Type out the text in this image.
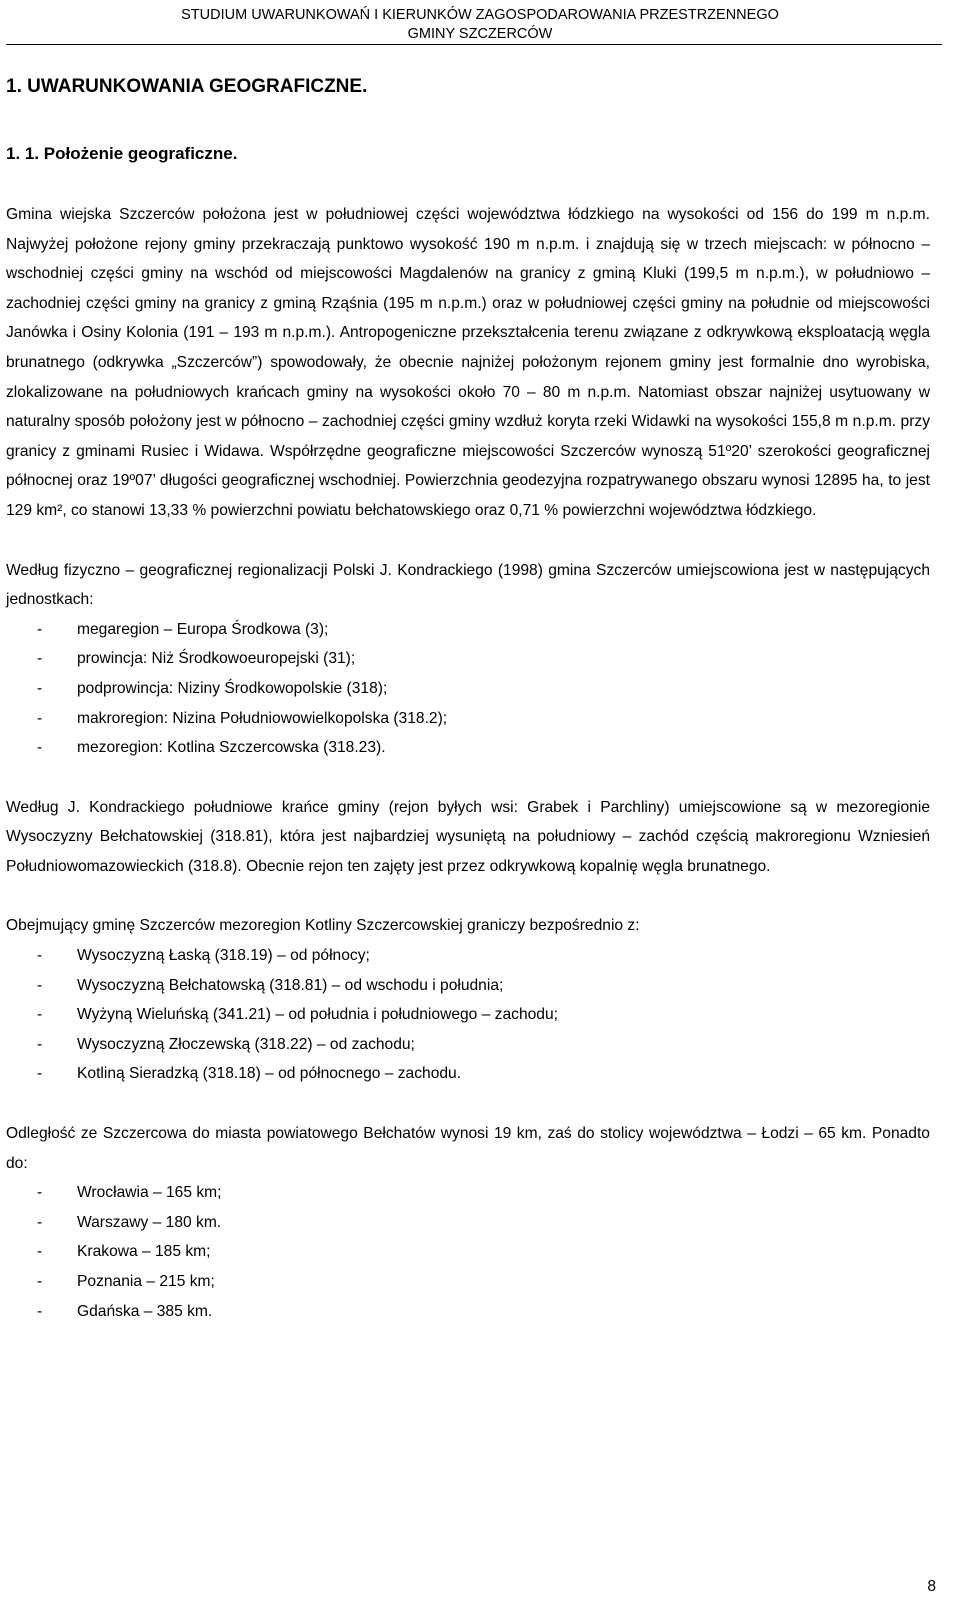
STUDIUM UWARUNKOWAŃ I KIERUNKÓW ZAGOSPODAROWANIA PRZESTRZENNEGO
GMINY SZCZERCÓW
1. UWARUNKOWANIA GEOGRAFICZNE.
1. 1. Położenie geograficzne.

Gmina wiejska Szczerców położona jest w południowej części województwa łódzkiego na wysokości od 156 do 199 m n.p.m. Najwyżej położone rejony gminy przekraczają punktowo wysokość 190 m n.p.m. i znajdują się w trzech miejscach: w północno – wschodniej części gminy na wschód od miejscowości Magdalenów na granicy z gminą Kluki (199,5 m n.p.m.), w południowo – zachodniej części gminy na granicy z gminą Rząśnia (195 m n.p.m.) oraz w południowej części gminy na południe od miejscowości Janówka i Osiny Kolonia (191 – 193 m n.p.m.). Antropogeniczne przekształcenia terenu związane z odkrywkową eksploatacją węgla brunatnego (odkrywka „Szczerców”) spowodowały, że obecnie najniżej położonym rejonem gminy jest formalnie dno wyrobiska, zlokalizowane na południowych krańcach gminy na wysokości około 70 – 80 m n.p.m. Natomiast obszar najniżej usytuowany w naturalny sposób położony jest w północno – zachodniej części gminy wzdłuż koryta rzeki Widawki na wysokości 155,8 m n.p.m. przy granicy z gminami Rusiec i Widawa. Współrzędne geograficzne miejscowości Szczerców wynoszą 51º20’ szerokości geograficznej północnej oraz 19º07’ długości geograficznej wschodniej. Powierzchnia geodezyjna rozpatrywanego obszaru wynosi 12895 ha, to jest 129 km², co stanowi 13,33 % powierzchni powiatu bełchatowskiego oraz 0,71 % powierzchni województwa łódzkiego.

Według fizyczno – geograficznej regionalizacji Polski J. Kondrackiego (1998) gmina Szczerców umiejscowiona jest w następujących jednostkach:

- megaregion – Europa Środkowa (3);
- prowincja: Niż Środkowoeuropejski (31);
- podprowincja: Niziny Środkowopolskie (318);
- makroregion: Nizina Południowowielkopolska (318.2);
- mezoregion: Kotlina Szczercowska (318.23).

Według J. Kondrackiego południowe krańce gminy (rejon byłych wsi: Grabek i Parchliny) umiejscowione są w mezoregionie Wysoczyzny Bełchatowskiej (318.81), która jest najbardziej wysuniętą na południowy – zachód częścią makroregionu Wzniesień Południowomazowieckich (318.8). Obecnie rejon ten zajęty jest przez odkrywkową kopalnię węgla brunatnego.

Obejmujący gminę Szczerców mezoregion Kotliny Szczercowskiej graniczy bezpośrednio z:

- Wysoczyzną Łaską (318.19) – od północy;
- Wysoczyzną Bełchatowską (318.81) – od wschodu i południa;
- Wyżyną Wieluńską (341.21) – od południa i południowego – zachodu;
- Wysoczyzną Złoczewską (318.22) – od zachodu;
- Kotliną Sieradzką (318.18) – od północnego – zachodu.

Odległość ze Szczercowa do miasta powiatowego Bełchatów wynosi 19 km, zaś do stolicy województwa – Łodzi – 65 km. Ponadto do:

- Wrocławia – 165 km;
- Warszawy – 180 km.
- Krakowa – 185 km;
- Poznania – 215 km;
- Gdańska – 385 km.
8
